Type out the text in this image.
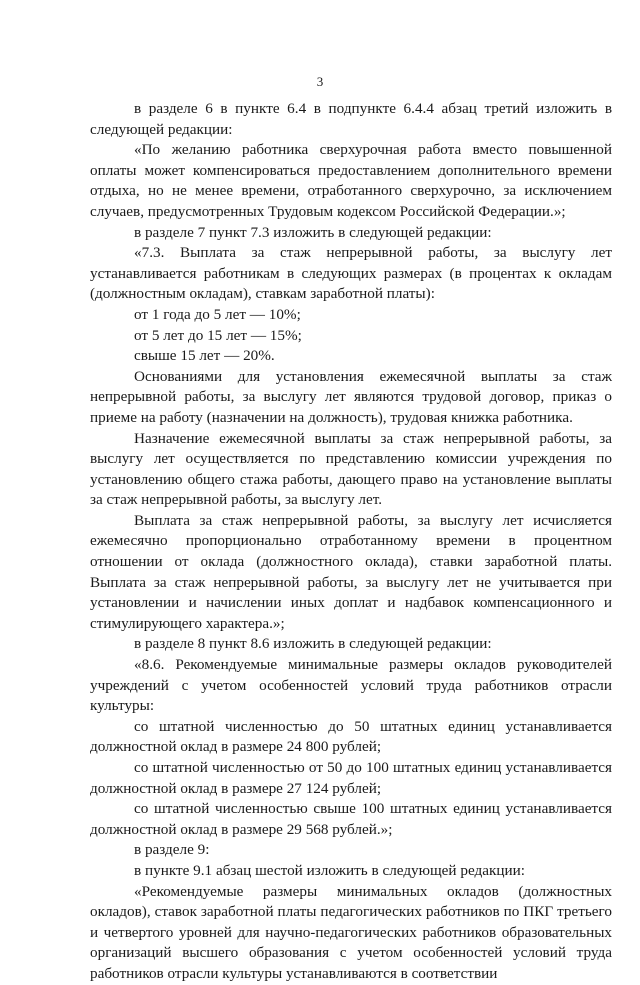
3

в разделе 6 в пункте 6.4 в подпункте 6.4.4 абзац третий изложить в следующей редакции:

«По желанию работника сверхурочная работа вместо повышенной оплаты может компенсироваться предоставлением дополнительного времени отдыха, но не менее времени, отработанного сверхурочно, за исключением случаев, предусмотренных Трудовым кодексом Российской Федерации.»;

в разделе 7 пункт 7.3 изложить в следующей редакции:

«7.3. Выплата за стаж непрерывной работы, за выслугу лет устанавливается работникам в следующих размерах (в процентах к окладам (должностным окладам), ставкам заработной платы):

от 1 года до 5 лет — 10%;

от 5 лет до 15 лет — 15%;

свыше 15 лет — 20%.

Основаниями для установления ежемесячной выплаты за стаж непрерывной работы, за выслугу лет являются трудовой договор, приказ о приеме на работу (назначении на должность), трудовая книжка работника.

Назначение ежемесячной выплаты за стаж непрерывной работы, за выслугу лет осуществляется по представлению комиссии учреждения по установлению общего стажа работы, дающего право на установление выплаты за стаж непрерывной работы, за выслугу лет.

Выплата за стаж непрерывной работы, за выслугу лет исчисляется ежемесячно пропорционально отработанному времени в процентном отношении от оклада (должностного оклада), ставки заработной платы. Выплата за стаж непрерывной работы, за выслугу лет не учитывается при установлении и начислении иных доплат и надбавок компенсационного и стимулирующего характера.»;

в разделе 8 пункт 8.6 изложить в следующей редакции:

«8.6. Рекомендуемые минимальные размеры окладов руководителей учреждений с учетом особенностей условий труда работников отрасли культуры:

со штатной численностью до 50 штатных единиц устанавливается должностной оклад в размере 24 800 рублей;

со штатной численностью от 50 до 100 штатных единиц устанавливается должностной оклад в размере 27 124 рублей;

со штатной численностью свыше 100 штатных единиц устанавливается должностной оклад в размере 29 568 рублей.»;

в разделе 9:

в пункте 9.1 абзац шестой изложить в следующей редакции:

«Рекомендуемые размеры минимальных окладов (должностных окладов), ставок заработной платы педагогических работников по ПКГ третьего и четвертого уровней для научно-педагогических работников образовательных организаций высшего образования с учетом особенностей условий труда работников отрасли культуры устанавливаются в соответствии
